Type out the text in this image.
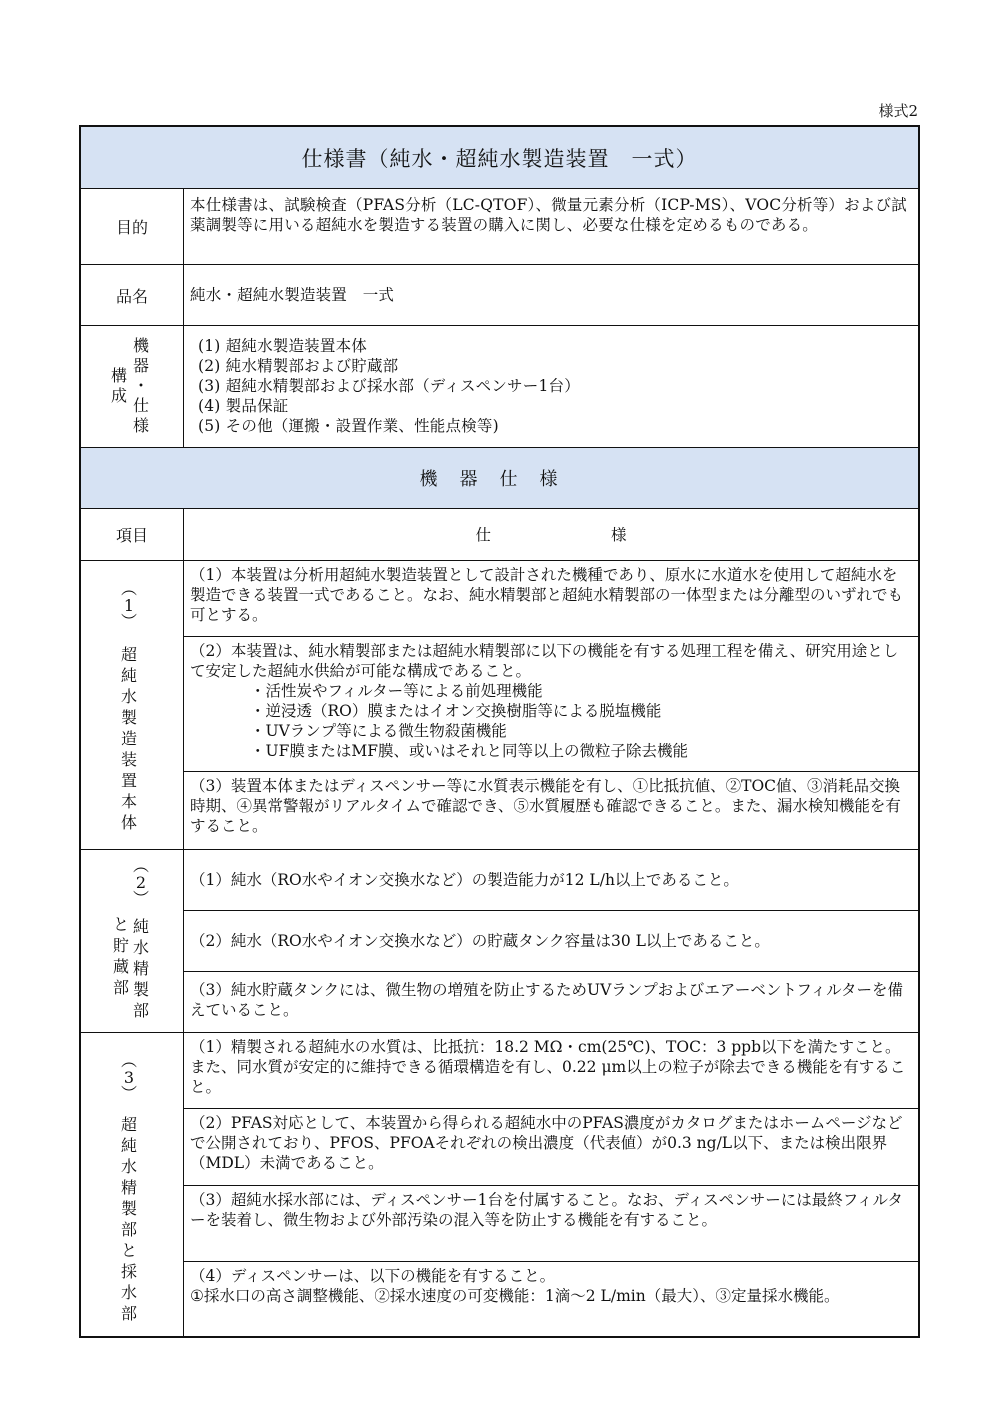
様式2
仕様書（純水・超純水製造装置　一式）
目的
本仕様書は、試験検査（PFAS分析（LC-QTOF）、微量元素分析（ICP-MS）、VOC分析等）および試薬調製等に用いる超純水を製造する装置の購入に関し、必要な仕様を定めるものである。
品名	純水・超純水製造装置　一式
構
成
機
器
・
仕
様
(1) 超純水製造装置本体
(2) 純水精製部および貯蔵部
(3) 超純水精製部および採水部（ディスペンサー1台）
(4) 製品保証
(5) その他（運搬・設置作業、性能点検等)
機器仕様
項目	仕様
︵
1
︶
超
純
水
製
造
装
置
本
体
（1）本装置は分析用超純水製造装置として設計された機種であり、原水に水道水を使用して超純水を製造できる装置一式であること。なお、純水精製部と超純水精製部の一体型または分離型のいずれでも可とする。
（2）本装置は、純水精製部または超純水精製部に以下の機能を有する処理工程を備え、研究用途として安定した超純水供給が可能な構成であること。
・活性炭やフィルター等による前処理機能
・逆浸透（RO）膜またはイオン交換樹脂等による脱塩機能
・UVランプ等による微生物殺菌機能
・UF膜またはMF膜、或いはそれと同等以上の微粒子除去機能
（3）装置本体またはディスペンサー等に水質表示機能を有し、①比抵抗値、②TOC値、③消耗品交換時期、④異常警報がリアルタイムで確認でき、⑤水質履歴も確認できること。また、漏水検知機能を有すること。
︵
2
︶
と
貯
蔵
部
純
水
精
製
部
（1）純水（RO水やイオン交換水など）の製造能力が12 L/h以上であること。
（2）純水（RO水やイオン交換水など）の貯蔵タンク容量は30 L以上であること。
（3）純水貯蔵タンクには、微生物の増殖を防止するためUVランプおよびエアーベントフィルターを備えていること。
︵
3
︶
超
純
水
精
製
部
と
採
水
部
（1）精製される超純水の水質は、比抵抗：18.2 MΩ・cm(25℃)、TOC：3 ppb以下を満たすこと。また、同水質が安定的に維持できる循環構造を有し、0.22 μm以上の粒子が除去できる機能を有すること。
（2）PFAS対応として、本装置から得られる超純水中のPFAS濃度がカタログまたはホームページなどで公開されており、PFOS、PFOAそれぞれの検出濃度（代表値）が0.3 ng/L以下、または検出限界（MDL）未満であること。
（3）超純水採水部には、ディスペンサー1台を付属すること。なお、ディスペンサーには最終フィルターを装着し、微生物および外部汚染の混入等を防止する機能を有すること。
（4）ディスペンサーは、以下の機能を有すること。
①採水口の高さ調整機能、②採水速度の可変機能：1滴～2 L/min（最大）、③定量採水機能。
